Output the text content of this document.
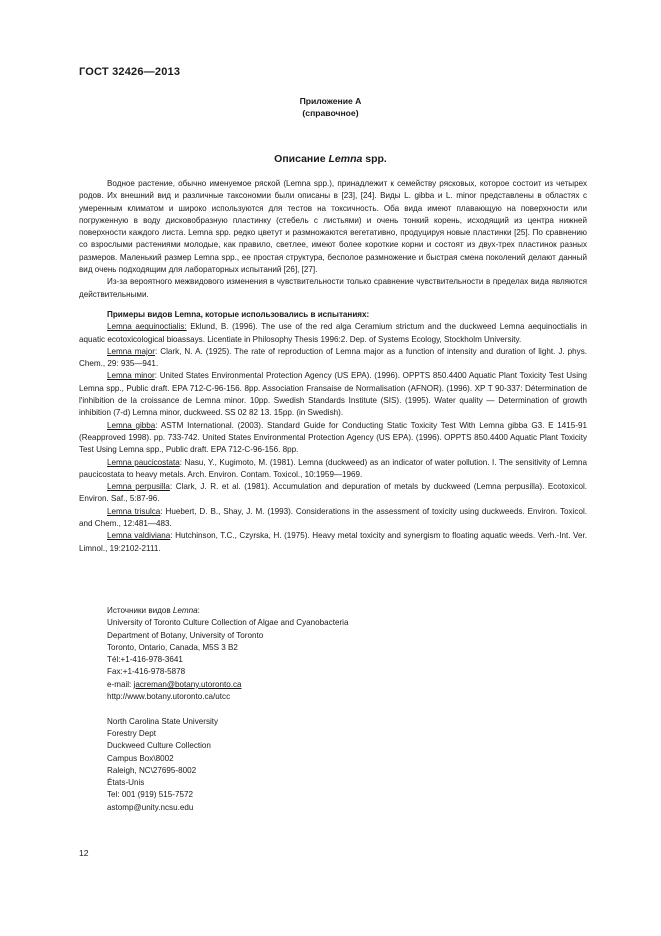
ГОСТ 32426—2013
Приложение А
(справочное)
Описание Lemna spp.

Водное растение, обычно именуемое ряской (Lemna spp.), принадлежит к семейству рясковых, которое состоит из четырех родов. Их внешний вид и различные таксономии были описаны в [23], [24]. Виды L. gibba и L. minor представлены в областях с умеренным климатом и широко используются для тестов на токсичность. Оба вида имеют плавающую на поверхности или погруженную в воду дисковобразную пластинку (стебель с листьями) и очень тонкий корень, исходящий из центра нижней поверхности каждого листа. Lemna spp. редко цветут и размножаются вегетативно, продуцируя новые пластинки [25]. По сравнению со взрослыми растениями молодые, как правило, светлее, имеют более короткие корни и состоят из двух-трех пластинок разных размеров. Маленький размер Lemna spp., ее простая структура, бесполое размножение и быстрая смена поколений делают данный вид очень подходящим для лабораторных испытаний [26], [27].

Из-за вероятного межвидового изменения в чувствительности только сравнение чувствительности в пределах вида являются действительными.

Примеры видов Lemna, которые использовались в испытаниях:

Lemna aequinoctialis: Eklund, B. (1996). The use of the red alga Ceramium strictum and the duckweed Lemna aequinoctialis in aquatic ecotoxicological bioassays. Licentiate in Philosophy Thesis 1996:2. Dep. of Systems Ecology, Stockholm University.

Lemna major: Clark, N. A. (1925). The rate of reproduction of Lemna major as a function of intensity and duration of light. J. phys. Chem., 29: 935—941.

Lemna minor: United States Environmental Protection Agency (US EPA). (1996). OPPTS 850.4400 Aquatic Plant Toxicity Test Using Lemna spp., Public draft. EPA 712-C-96-156. 8pp. Association Fransaise de Normalisation (AFNOR). (1996). XP T 90-337: Détermination de l'inhibition de la croissance de Lemna minor. 10pp. Swedish Standards Institute (SIS). (1995). Water quality — Determination of growth inhibition (7-d) Lemna minor, duckweed. SS 02 82 13. 15pp. (in Swedish).

Lemna gibba: ASTM International. (2003). Standard Guide for Conducting Static Toxicity Test With Lemna gibba G3. E 1415-91 (Reapproved 1998). pp. 733-742. United States Environmental Protection Agency (US EPA). (1996). OPPTS 850.4400 Aquatic Plant Toxicity Test Using Lemna spp., Public draft. EPA 712-C-96-156. 8pp.

Lemna paucicostata: Nasu, Y., Kugimoto, M. (1981). Lemna (duckweed) as an indicator of water pollution. I. The sensitivity of Lemna paucicostata to heavy metals. Arch. Environ. Contam. Toxicol., 10:1959—1969.

Lemna perpusilla: Clark, J. R. et al. (1981). Accumulation and depuration of metals by duckweed (Lemna perpusilla). Ecotoxicol. Environ. Saf., 5:87-96.

Lemna trisulca: Huebert, D. B., Shay, J. M. (1993). Considerations in the assessment of toxicity using duckweeds. Environ. Toxicol. and Chem., 12:481—483.

Lemna valdiviana: Hutchinson, T.C., Czyrska, H. (1975). Heavy metal toxicity and synergism to floating aquatic weeds. Verh.-Int. Ver. Limnol., 19:2102-2111.

Источники видов Lemna:
University of Toronto Culture Collection of Algae and Cyanobacteria
Department of Botany, University of Toronto
Toronto, Ontario, Canada, M5S 3 B2
Tél:+1-416-978-3641
Fax:+1-416-978-5878
e-mail: jacreman@botany.utoronto.ca
http://www.botany.utoronto.ca/utcc
North Carolina State University
Forestry Dept
Duckweed Culture Collection
Campus Box\8002
Raleigh, NC\27695-8002
États-Unis
Tel: 001 (919) 515-7572
astomp@unity.ncsu.edu
12
